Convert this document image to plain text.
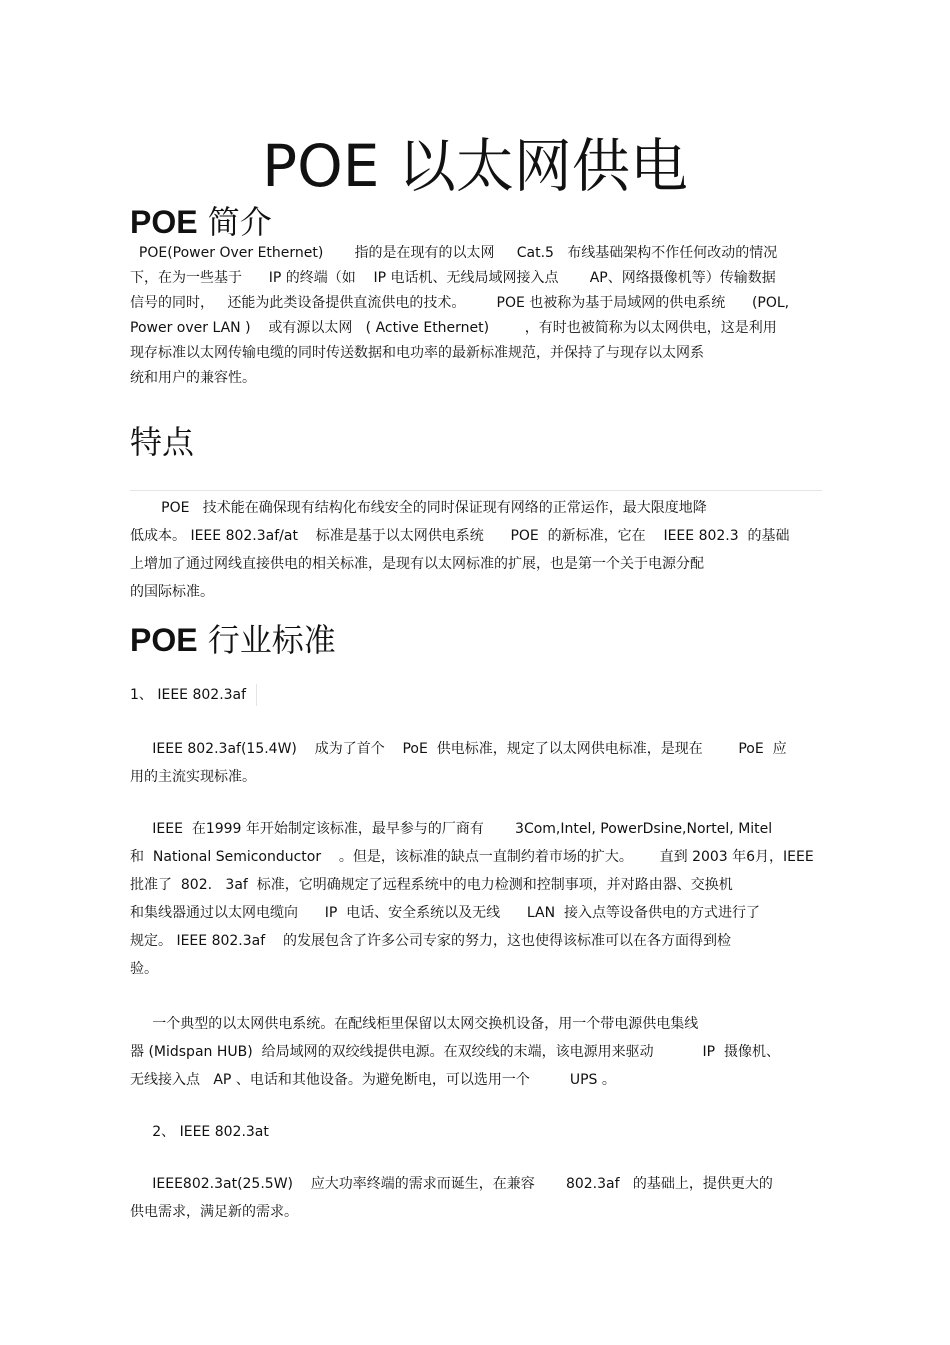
POE 以太网供电
POE 简介
POE(Power Over Ethernet)       指的是在现有的以太网     Cat.5   布线基础架构不作任何改动的情况
下，在为一些基于      IP 的终端（如    IP 电话机、无线局域网接入点       AP、网络摄像机等）传输数据
信号的同时，   还能为此类设备提供直流供电的技术。       POE 也被称为基于局域网的供电系统      (POL,
Power over LAN )    或有源以太网   ( Active Ethernet)        ，有时也被简称为以太网供电，这是利用
现存标准以太网传输电缆的同时传送数据和电功率的最新标准规范，并保持了与现存以太网系
统和用户的兼容性。
特点
POE   技术能在确保现有结构化布线安全的同时保证现有网络的正常运作，最大限度地降
低成本。 IEEE 802.3af/at    标准是基于以太网供电系统      POE  的新标准，它在    IEEE 802.3  的基础
上增加了通过网线直接供电的相关标准，是现有以太网标准的扩展，也是第一个关于电源分配
的国际标准。
POE 行业标准

1、 IEEE 802.3af

IEEE 802.3af(15.4W)    成为了首个    PoE  供电标准，规定了以太网供电标准，是现在        PoE  应
用的主流实现标准。
IEEE  在1999 年开始制定该标准，最早参与的厂商有       3Com,Intel, PowerDsine,Nortel, Mitel
和  National Semiconductor    。但是，该标准的缺点一直制约着市场的扩大。      直到 2003 年6月，IEEE
批准了  802.   3af  标准，它明确规定了远程系统中的电力检测和控制事项，并对路由器、交换机
和集线器通过以太网电缆向      IP  电话、安全系统以及无线      LAN  接入点等设备供电的方式进行了
规定。 IEEE 802.3af    的发展包含了许多公司专家的努力，这也使得该标准可以在各方面得到检
验。
一个典型的以太网供电系统。在配线柜里保留以太网交换机设备，用一个带电源供电集线
器 (Midspan HUB)  给局域网的双绞线提供电源。在双绞线的末端，该电源用来驱动           IP  摄像机、
无线接入点   AP 、电话和其他设备。为避免断电，可以选用一个         UPS 。

2、 IEEE 802.3at

IEEE802.3at(25.5W)    应大功率终端的需求而诞生，在兼容       802.3af   的基础上，提供更大的
供电需求，满足新的需求。
